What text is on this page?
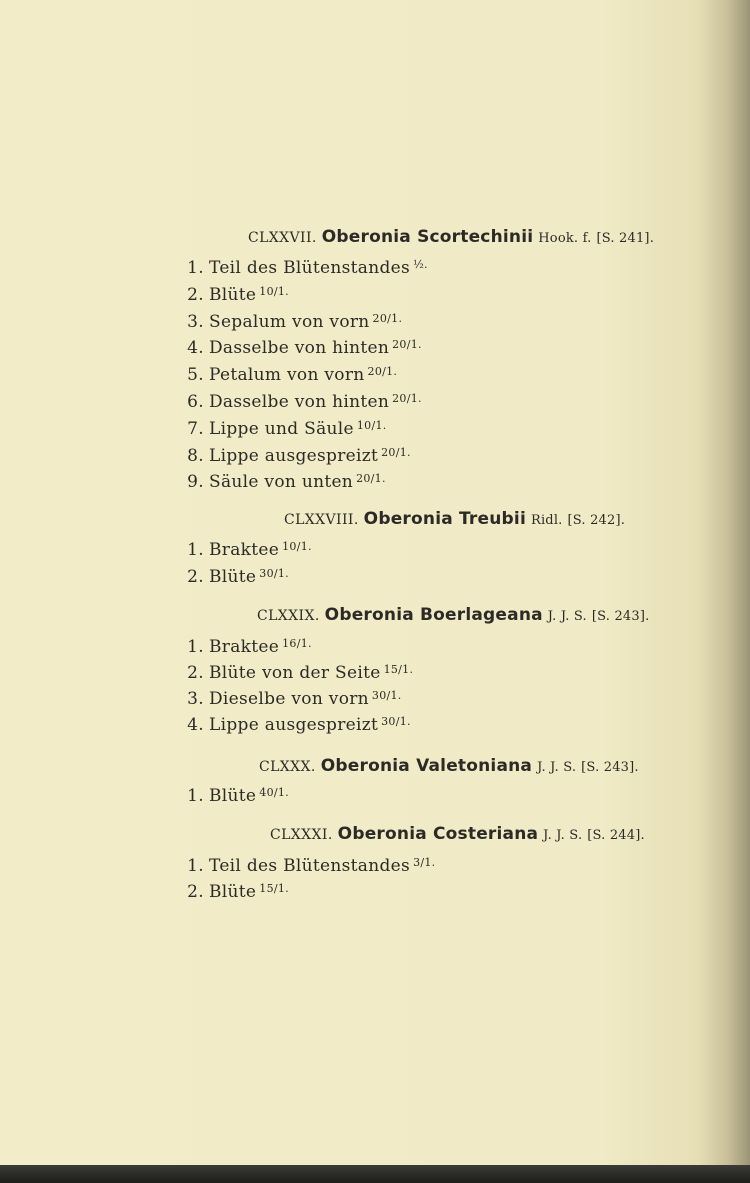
CLXXVII. Oberonia Scortechinii Hook. f. [S. 241].
1. Teil des Blütenstandes $^{\frac{1}{2}.}$
2. Blüte $^{10/1.}$
3. Sepalum von vorn $^{20/1.}$
4. Dasselbe von hinten $^{20/1.}$
5. Petalum von vorn $^{20/1.}$
6. Dasselbe von hinten $^{20/1.}$
7. Lippe und Säule $^{10/1.}$
8. Lippe ausgespreizt $^{20/1.}$
9. Säule von unten $^{20/1.}$
CLXXVIII. Oberonia Treubii Ridl. [S. 242].
1. Braktee $^{10/1.}$
2. Blüte $^{30/1.}$
CLXXIX. Oberonia Boerlageana J. J. S. [S. 243].
1. Braktee $^{16/1.}$
2. Blüte von der Seite $^{15/1.}$
3. Dieselbe von vorn $^{30/1.}$
4. Lippe ausgespreizt $^{30/1.}$
CLXXX. Oberonia Valetoniana J. J. S. [S. 243].
1. Blüte $^{40/1.}$
CLXXXI. Oberonia Costeriana J. J. S. [S. 244].
1. Teil des Blütenstandes $^{3/1.}$
2. Blüte $^{15/1.}$
